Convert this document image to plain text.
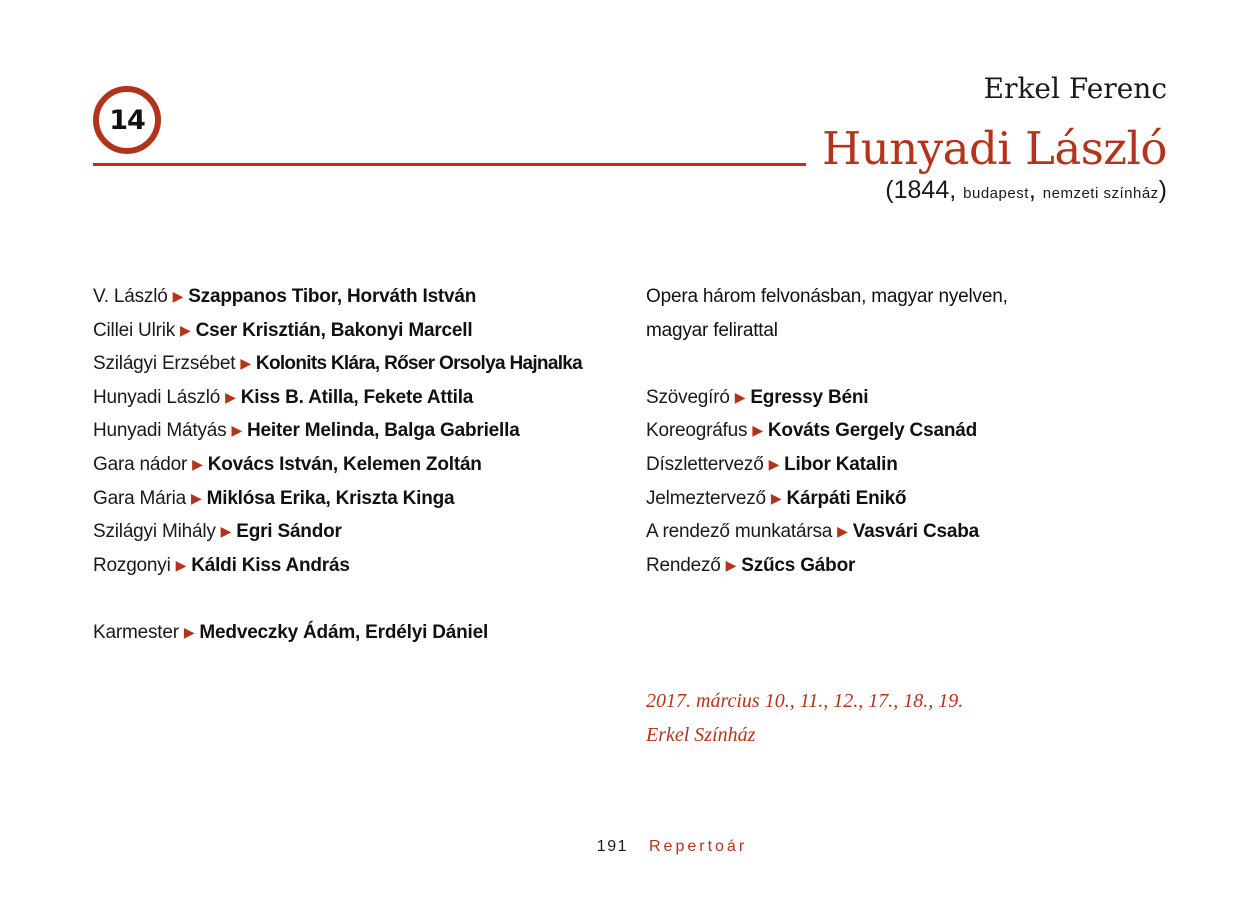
14
Erkel Ferenc
Hunyadi László
(1844, budapest, nemzeti színház)
V. László ▶ Szappanos Tibor, Horváth István
Cillei Ulrik ▶ Cser Krisztián, Bakonyi Marcell
Szilágyi Erzsébet ▶ Kolonits Klára, Rőser Orsolya Hajnalka
Hunyadi László ▶ Kiss B. Atilla, Fekete Attila
Hunyadi Mátyás ▶ Heiter Melinda, Balga Gabriella
Gara nádor ▶ Kovács István, Kelemen Zoltán
Gara Mária ▶ Miklósa Erika, Kriszta Kinga
Szilágyi Mihály ▶ Egri Sándor
Rozgonyi ▶ Káldi Kiss András
Karmester ▶ Medveczky Ádám, Erdélyi Dániel
Opera három felvonásban, magyar nyelven,
magyar felirattal
Szövegíró ▶ Egressy Béni
Koreográfus ▶ Kováts Gergely Csanád
Díszlettervező ▶ Libor Katalin
Jelmeztervező ▶ Kárpáti Enikő
A rendező munkatársa ▶ Vasvári Csaba
Rendező ▶ Szűcs Gábor
2017. március 10., 11., 12., 17., 18., 19.
Erkel Színház
191 Repertoár
